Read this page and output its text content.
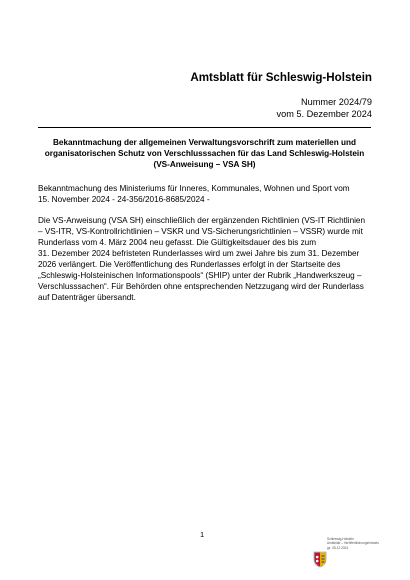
Amtsblatt für Schleswig-Holstein
Nummer 2024/79
vom 5. Dezember 2024
Bekanntmachung der allgemeinen Verwaltungsvorschrift zum materiellen und
organisatorischen Schutz von Verschlusssachen für das Land Schleswig-Holstein
(VS-Anweisung – VSA SH)
Bekanntmachung des Ministeriums für Inneres, Kommunales, Wohnen und Sport vom
15. November 2024 - 24-356/2016-8685/2024 -
Die VS-Anweisung (VSA SH) einschließlich der ergänzenden Richtlinien (VS-IT Richtlinien
– VS-ITR, VS-Kontrollrichtlinien – VSKR und VS-Sicherungsrichtlinien – VSSR) wurde mit
Runderlass vom 4. März 2004 neu gefasst. Die Gültigkeitsdauer des bis zum
31. Dezember 2024 befristeten Runderlasses wird um zwei Jahre bis zum 31. Dezember
2026 verlängert. Die Veröffentlichung des Runderlasses erfolgt in der Startseite des
„Schleswig-Holsteinischen Informationspools“ (SHIP) unter der Rubrik „Handwerkszeug –
Verschlusssachen“. Für Behörden ohne entsprechenden Netzzugang wird der Runderlass
auf Datenträger übersandt.
1	Schleswig-Holstein
Amtsblatt – Veröffentlichungshinweis
gz. 05.12.2024
